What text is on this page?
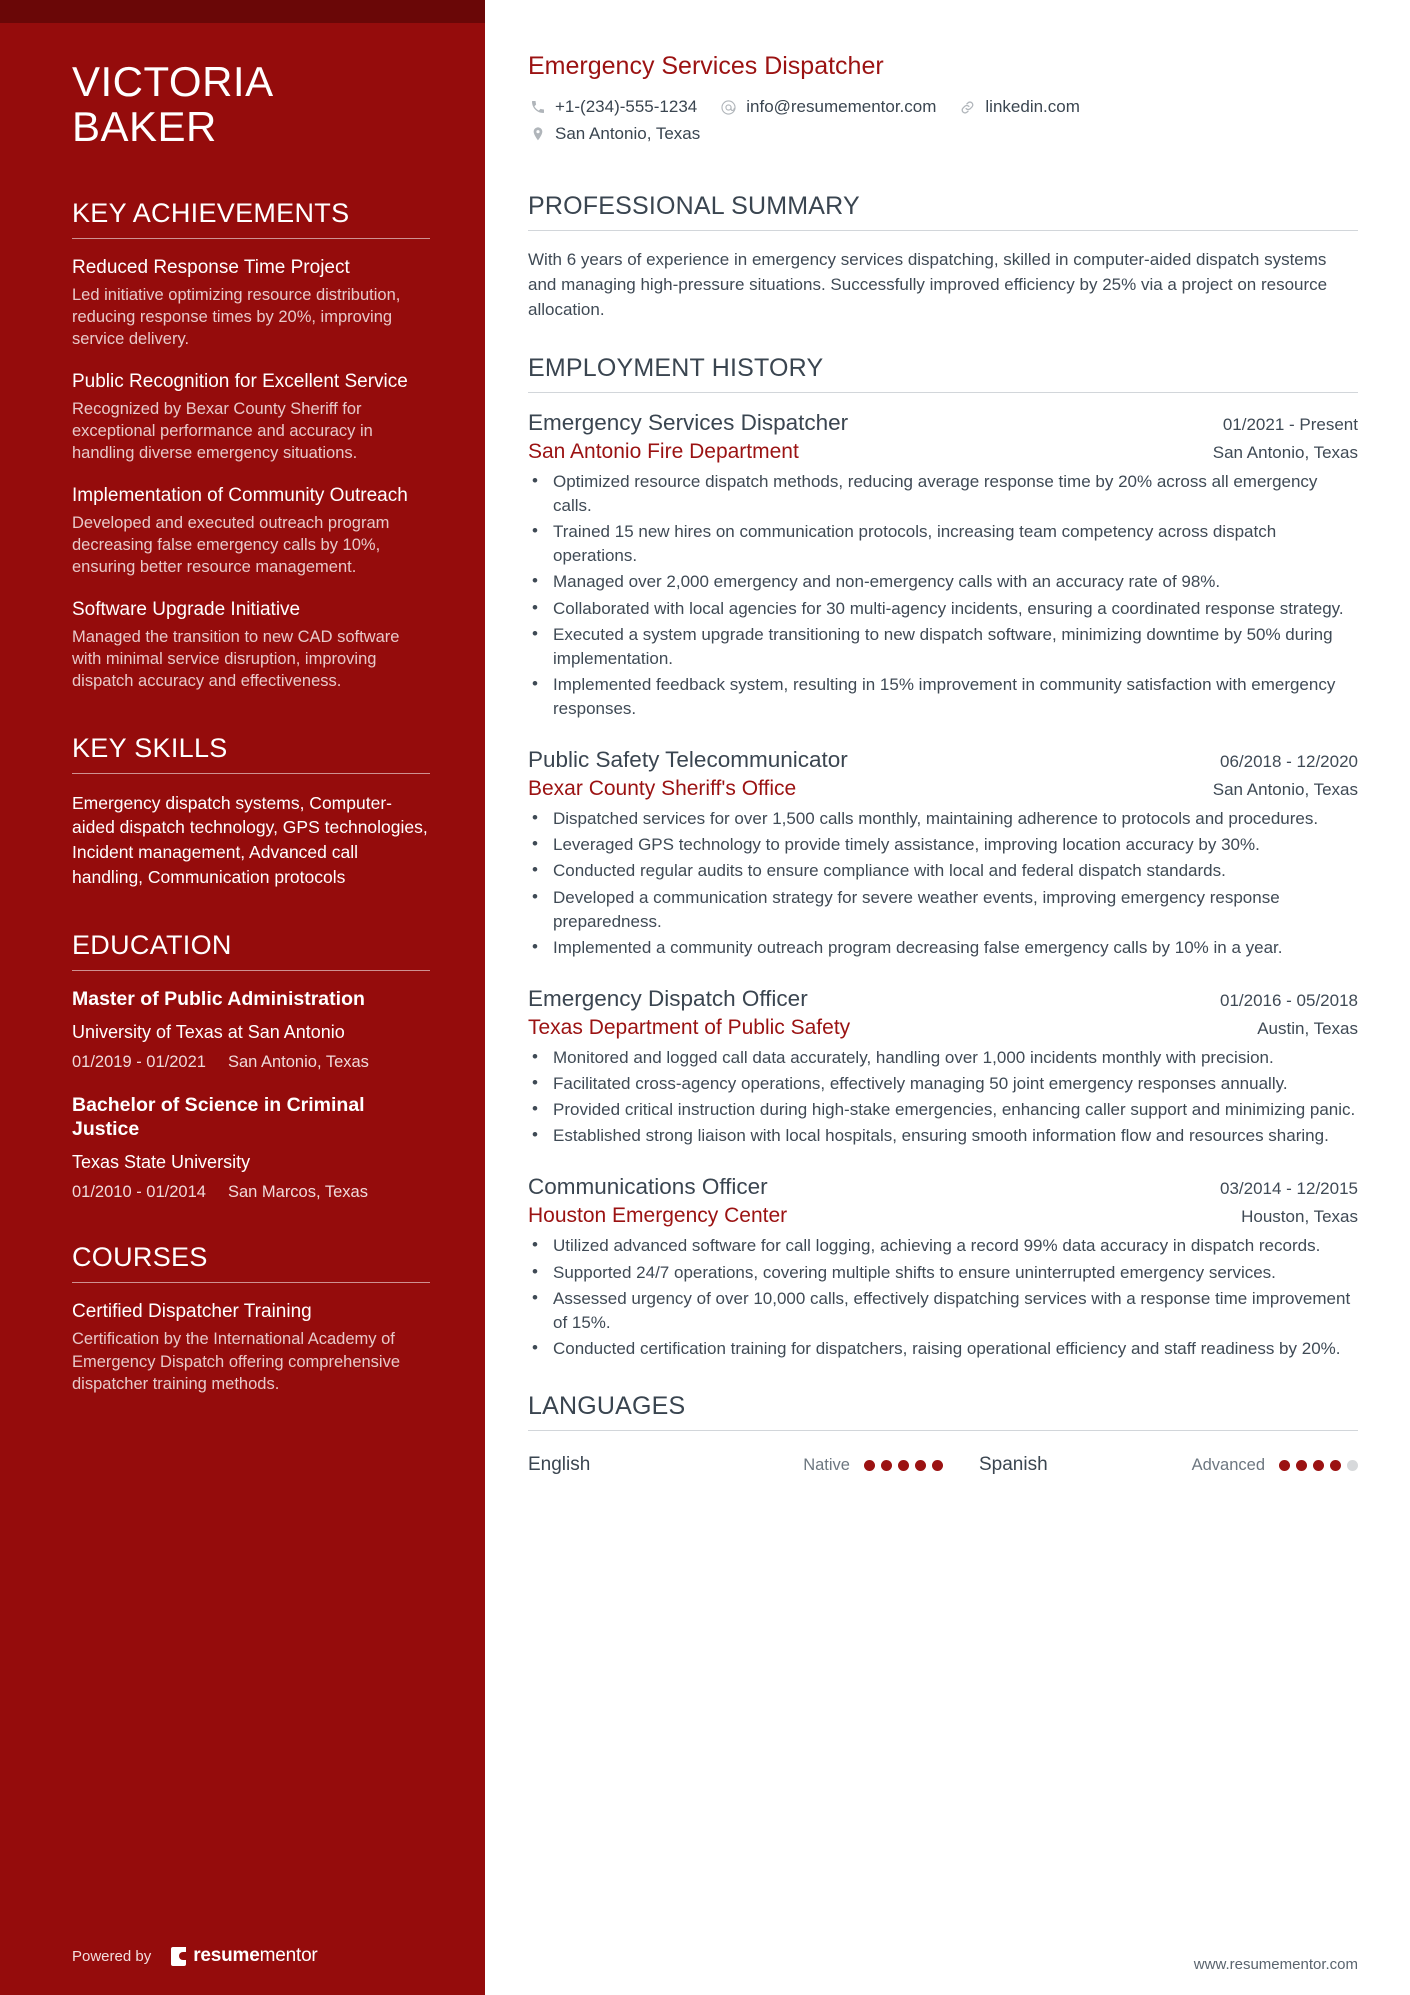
VICTORIA
BAKER
KEY ACHIEVEMENTS
Reduced Response Time Project
Led initiative optimizing resource distribution, reducing response times by 20%, improving service delivery.
Public Recognition for Excellent Service
Recognized by Bexar County Sheriff for exceptional performance and accuracy in handling diverse emergency situations.
Implementation of Community Outreach
Developed and executed outreach program decreasing false emergency calls by 10%, ensuring better resource management.
Software Upgrade Initiative
Managed the transition to new CAD software with minimal service disruption, improving dispatch accuracy and effectiveness.
KEY SKILLS
Emergency dispatch systems, Computer-aided dispatch technology, GPS technologies, Incident management, Advanced call handling, Communication protocols
EDUCATION
Master of Public Administration
University of Texas at San Antonio
01/2019 - 01/2021 San Antonio, Texas
Bachelor of Science in Criminal Justice
Texas State University
01/2010 - 01/2014 San Marcos, Texas
COURSES
Certified Dispatcher Training
Certification by the International Academy of Emergency Dispatch offering comprehensive dispatcher training methods.
Powered by resumementor
Emergency Services Dispatcher
+1-(234)-555-1234	info@resumementor.com	linkedin.com
San Antonio, Texas
PROFESSIONAL SUMMARY

With 6 years of experience in emergency services dispatching, skilled in computer-aided dispatch systems and managing high-pressure situations. Successfully improved efficiency by 25% via a project on resource allocation.

EMPLOYMENT HISTORY
Emergency Services Dispatcher	01/2021 - Present
San Antonio Fire Department	San Antonio, Texas
• Optimized resource dispatch methods, reducing average response time by 20% across all emergency calls.
• Trained 15 new hires on communication protocols, increasing team competency across dispatch operations.
• Managed over 2,000 emergency and non-emergency calls with an accuracy rate of 98%.
• Collaborated with local agencies for 30 multi-agency incidents, ensuring a coordinated response strategy.
• Executed a system upgrade transitioning to new dispatch software, minimizing downtime by 50% during implementation.
• Implemented feedback system, resulting in 15% improvement in community satisfaction with emergency responses.
Public Safety Telecommunicator	06/2018 - 12/2020
Bexar County Sheriff's Office	San Antonio, Texas
• Dispatched services for over 1,500 calls monthly, maintaining adherence to protocols and procedures.
• Leveraged GPS technology to provide timely assistance, improving location accuracy by 30%.
• Conducted regular audits to ensure compliance with local and federal dispatch standards.
• Developed a communication strategy for severe weather events, improving emergency response preparedness.
• Implemented a community outreach program decreasing false emergency calls by 10% in a year.
Emergency Dispatch Officer	01/2016 - 05/2018
Texas Department of Public Safety	Austin, Texas
• Monitored and logged call data accurately, handling over 1,000 incidents monthly with precision.
• Facilitated cross-agency operations, effectively managing 50 joint emergency responses annually.
• Provided critical instruction during high-stake emergencies, enhancing caller support and minimizing panic.
• Established strong liaison with local hospitals, ensuring smooth information flow and resources sharing.
Communications Officer	03/2014 - 12/2015
Houston Emergency Center	Houston, Texas
• Utilized advanced software for call logging, achieving a record 99% data accuracy in dispatch records.
• Supported 24/7 operations, covering multiple shifts to ensure uninterrupted emergency services.
• Assessed urgency of over 10,000 calls, effectively dispatching services with a response time improvement of 15%.
• Conducted certification training for dispatchers, raising operational efficiency and staff readiness by 20%.
LANGUAGES
English	Native	Spanish	Advanced
www.resumementor.com
